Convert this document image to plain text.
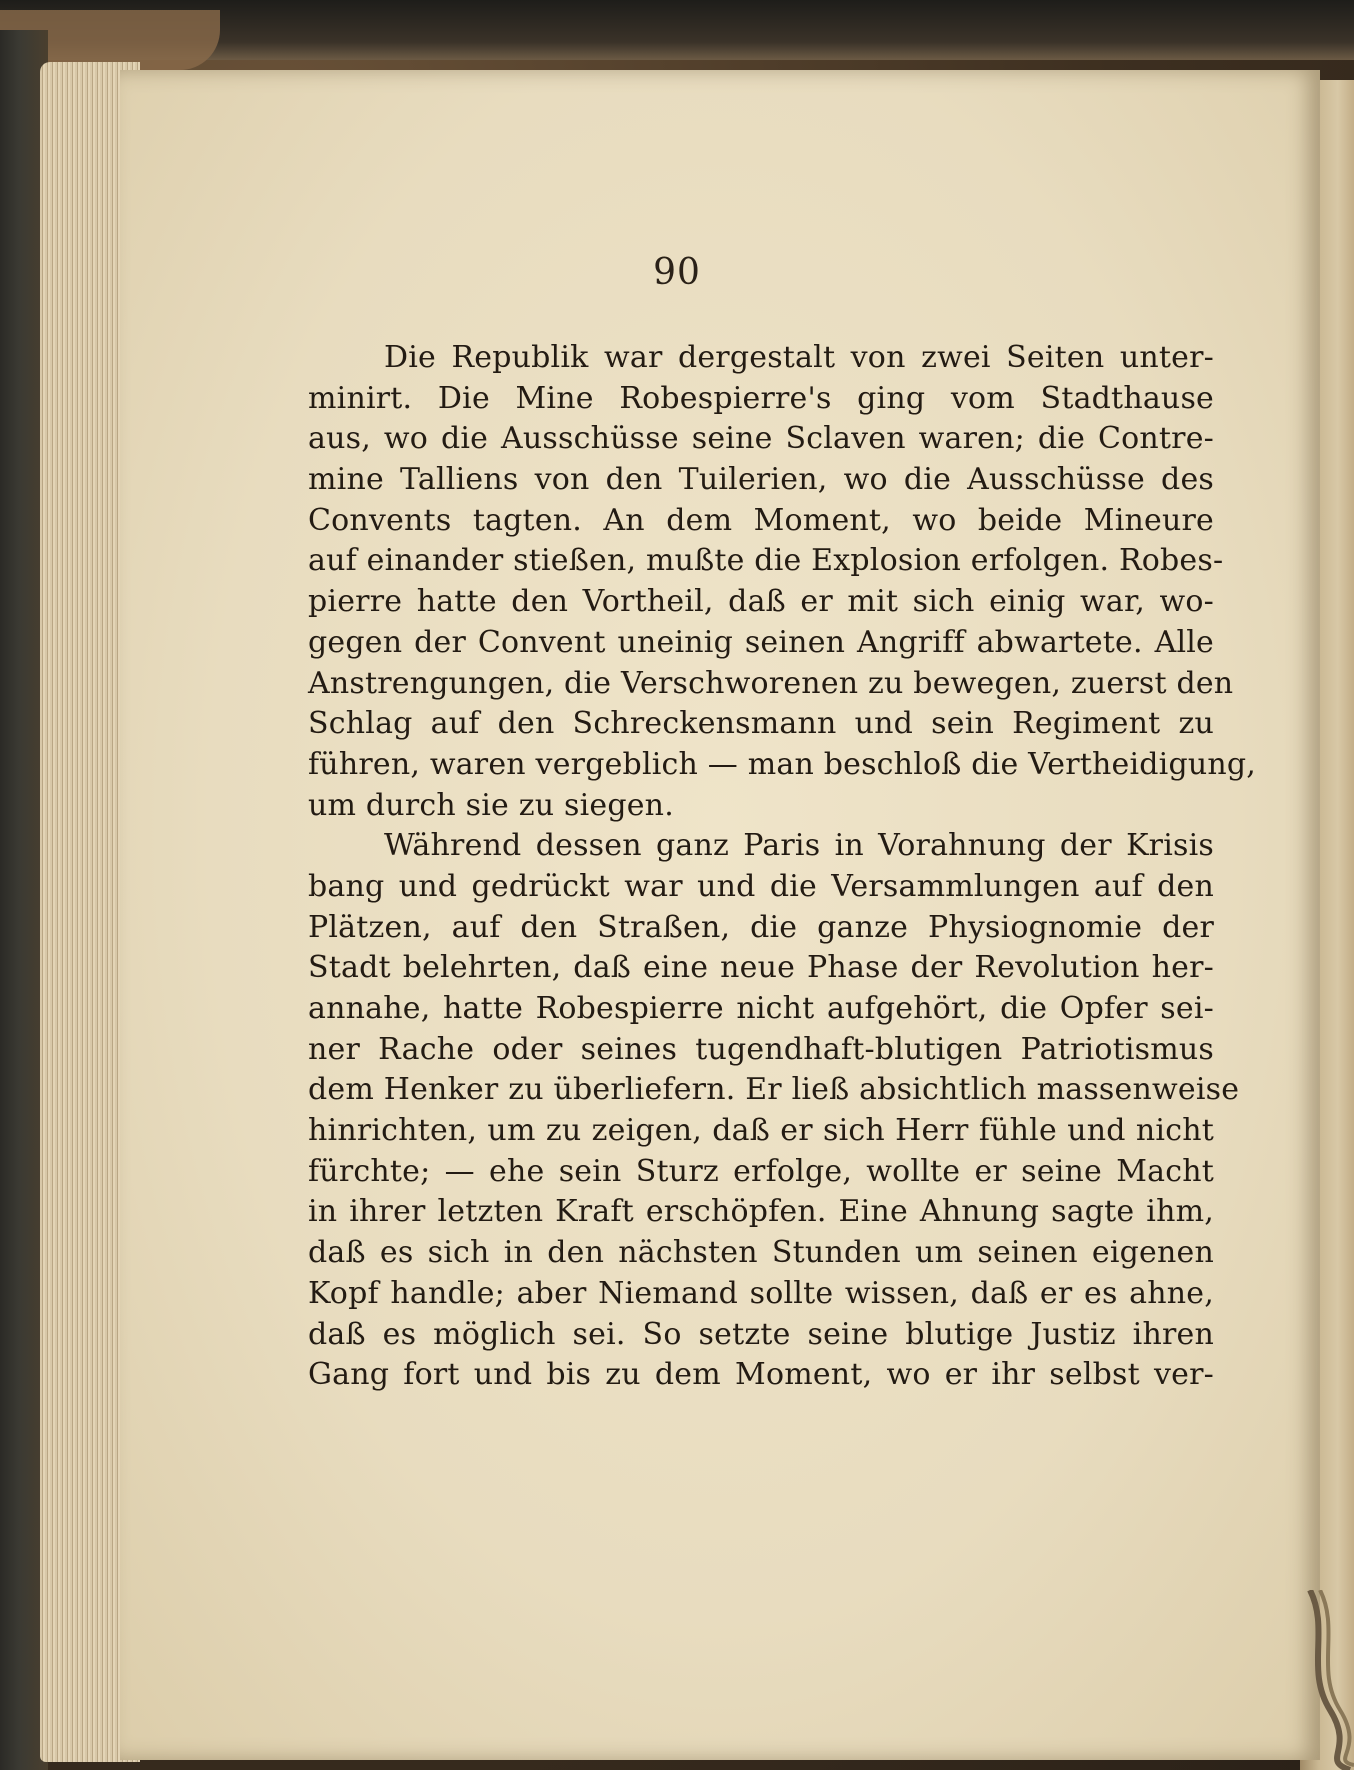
90
Die Republik war dergestalt von zwei Seiten unter-
minirt. Die Mine Robespierre's ging vom Stadthause
aus, wo die Ausschüsse seine Sclaven waren; die Contre-
mine Talliens von den Tuilerien, wo die Ausschüsse des
Convents tagten. An dem Moment, wo beide Mineure
auf einander stießen, mußte die Explosion erfolgen. Robes-
pierre hatte den Vortheil, daß er mit sich einig war, wo-
gegen der Convent uneinig seinen Angriff abwartete. Alle
Anstrengungen, die Verschworenen zu bewegen, zuerst den
Schlag auf den Schreckensmann und sein Regiment zu
führen, waren vergeblich — man beschloß die Vertheidigung,
um durch sie zu siegen.
Während dessen ganz Paris in Vorahnung der Krisis
bang und gedrückt war und die Versammlungen auf den
Plätzen, auf den Straßen, die ganze Physiognomie der
Stadt belehrten, daß eine neue Phase der Revolution her-
annahe, hatte Robespierre nicht aufgehört, die Opfer sei-
ner Rache oder seines tugendhaft-blutigen Patriotismus
dem Henker zu überliefern. Er ließ absichtlich massenweise
hinrichten, um zu zeigen, daß er sich Herr fühle und nicht
fürchte; — ehe sein Sturz erfolge, wollte er seine Macht
in ihrer letzten Kraft erschöpfen. Eine Ahnung sagte ihm,
daß es sich in den nächsten Stunden um seinen eigenen
Kopf handle; aber Niemand sollte wissen, daß er es ahne,
daß es möglich sei. So setzte seine blutige Justiz ihren
Gang fort und bis zu dem Moment, wo er ihr selbst ver-
